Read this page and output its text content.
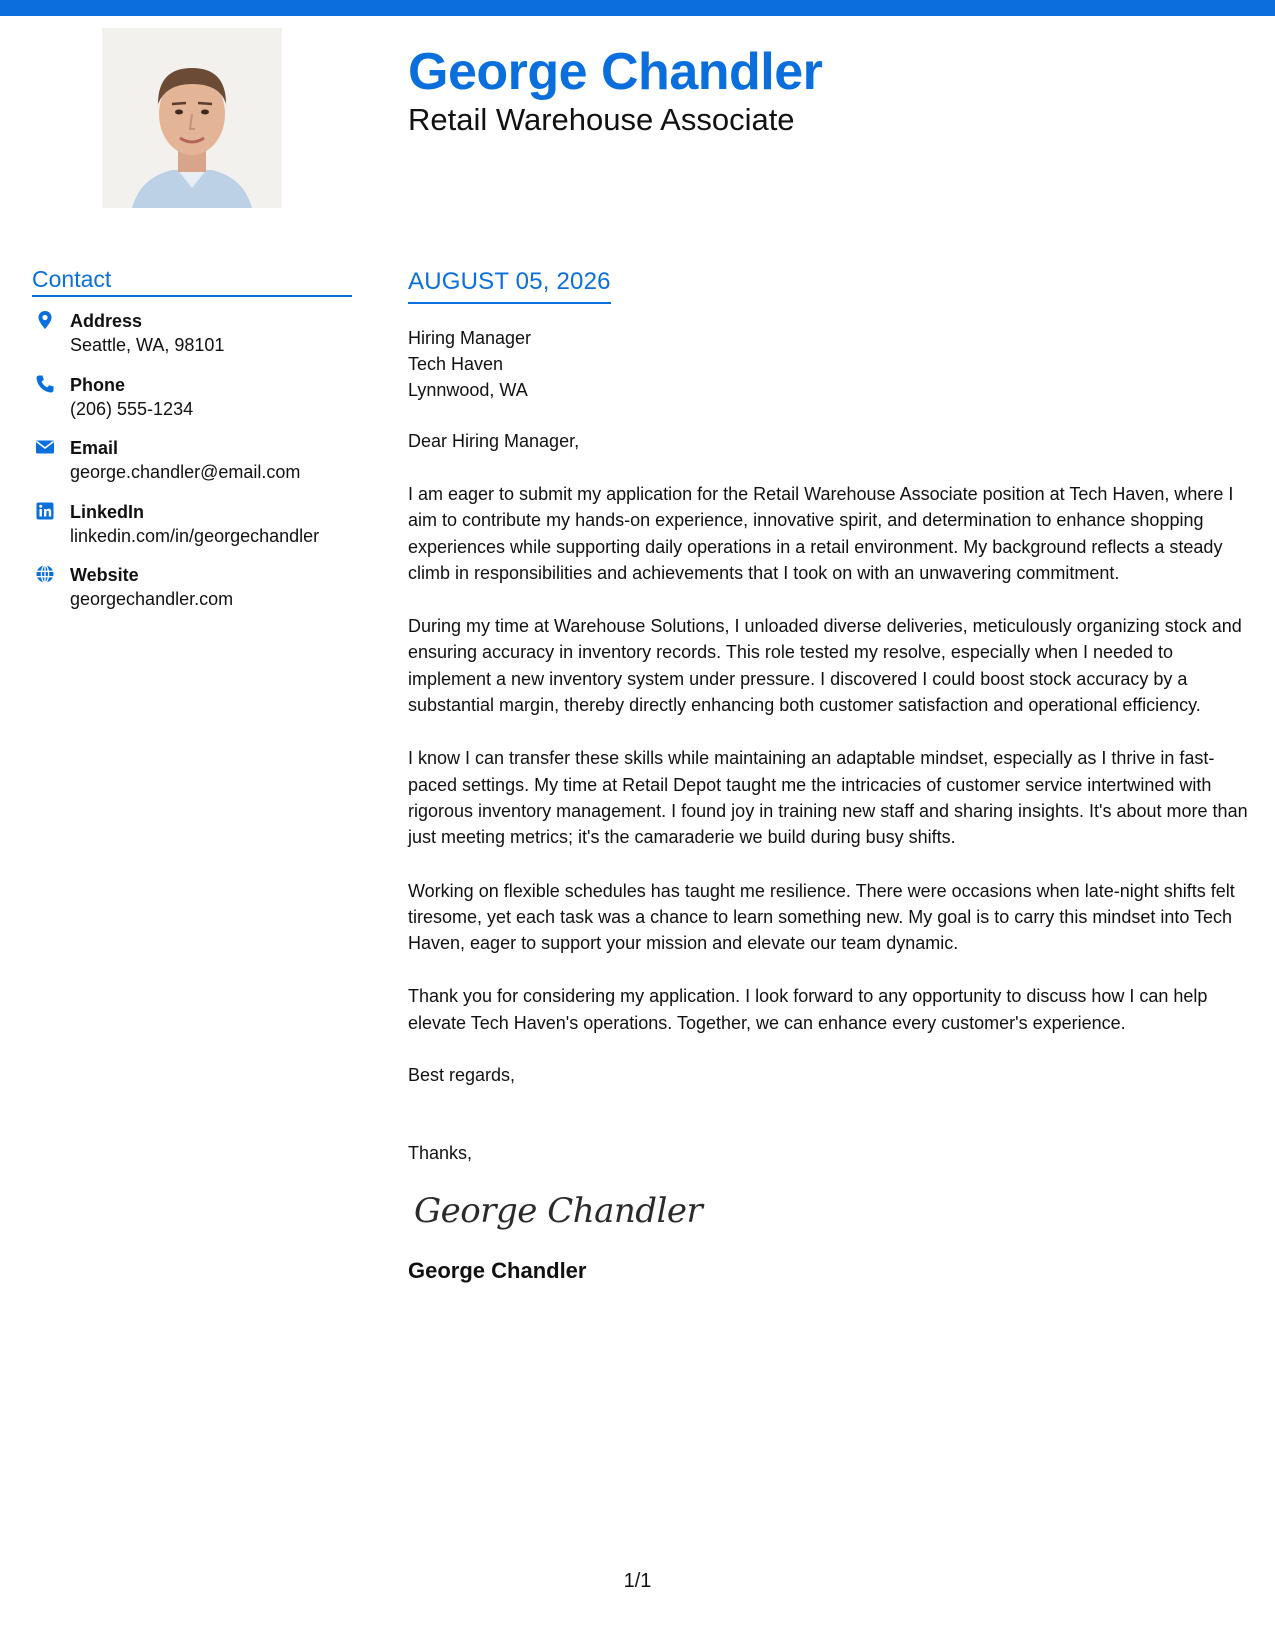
George Chandler
Retail Warehouse Associate
Contact
Address
Seattle, WA, 98101
Phone
(206) 555-1234
Email
george.chandler@email.com
LinkedIn
linkedin.com/in/georgechandler
Website
georgechandler.com
AUGUST 05, 2026
Hiring Manager
Tech Haven
Lynnwood, WA
Dear Hiring Manager,

I am eager to submit my application for the Retail Warehouse Associate position at Tech Haven, where I aim to contribute my hands-on experience, innovative spirit, and determination to enhance shopping experiences while supporting daily operations in a retail environment. My background reflects a steady climb in responsibilities and achievements that I took on with an unwavering commitment.

During my time at Warehouse Solutions, I unloaded diverse deliveries, meticulously organizing stock and ensuring accuracy in inventory records. This role tested my resolve, especially when I needed to implement a new inventory system under pressure. I discovered I could boost stock accuracy by a substantial margin, thereby directly enhancing both customer satisfaction and operational efficiency.

I know I can transfer these skills while maintaining an adaptable mindset, especially as I thrive in fast-paced settings. My time at Retail Depot taught me the intricacies of customer service intertwined with rigorous inventory management. I found joy in training new staff and sharing insights. It's about more than just meeting metrics; it's the camaraderie we build during busy shifts.

Working on flexible schedules has taught me resilience. There were occasions when late-night shifts felt tiresome, yet each task was a chance to learn something new. My goal is to carry this mindset into Tech Haven, eager to support your mission and elevate our team dynamic.

Thank you for considering my application. I look forward to any opportunity to discuss how I can help elevate Tech Haven's operations. Together, we can enhance every customer's experience.

Best regards,
Thanks,
George Chandler
George Chandler
1/1
